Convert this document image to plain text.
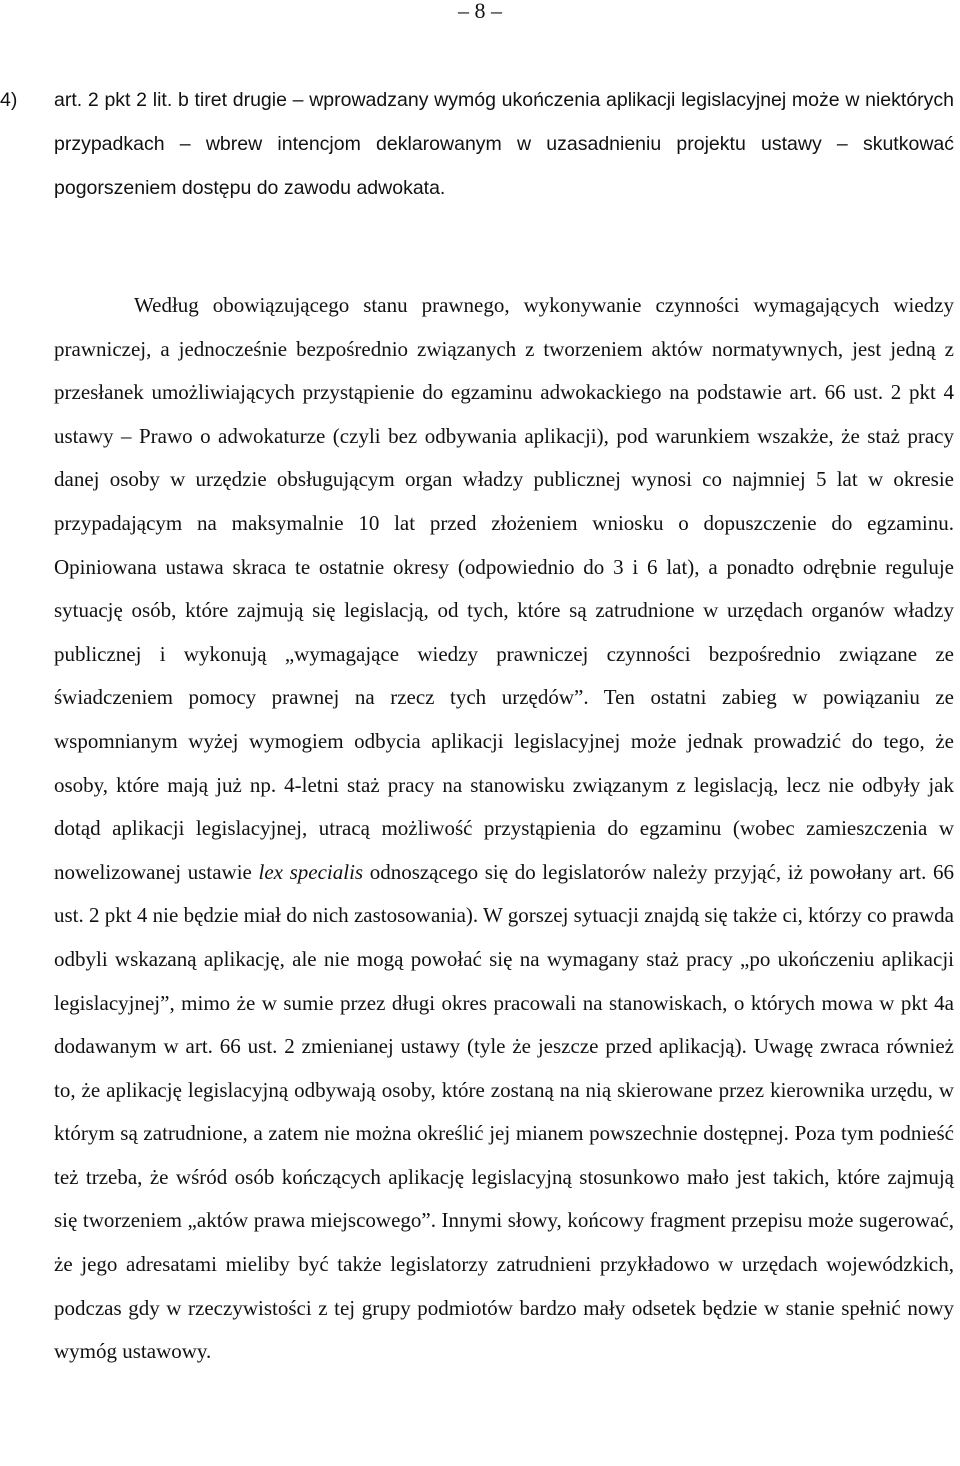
– 8 –
4) art. 2 pkt 2 lit. b tiret drugie – wprowadzany wymóg ukończenia aplikacji legislacyjnej może w niektórych przypadkach – wbrew intencjom deklarowanym w uzasadnieniu projektu ustawy – skutkować pogorszeniem dostępu do zawodu adwokata.

Według obowiązującego stanu prawnego, wykonywanie czynności wymagających wiedzy prawniczej, a jednocześnie bezpośrednio związanych z tworzeniem aktów normatywnych, jest jedną z przesłanek umożliwiających przystąpienie do egzaminu adwokackiego na podstawie art. 66 ust. 2 pkt 4 ustawy – Prawo o adwokaturze (czyli bez odbywania aplikacji), pod warunkiem wszakże, że staż pracy danej osoby w urzędzie obsługującym organ władzy publicznej wynosi co najmniej 5 lat w okresie przypadającym na maksymalnie 10 lat przed złożeniem wniosku o dopuszczenie do egzaminu. Opiniowana ustawa skraca te ostatnie okresy (odpowiednio do 3 i 6 lat), a ponadto odrębnie reguluje sytuację osób, które zajmują się legislacją, od tych, które są zatrudnione w urzędach organów władzy publicznej i wykonują „wymagające wiedzy prawniczej czynności bezpośrednio związane ze świadczeniem pomocy prawnej na rzecz tych urzędów”. Ten ostatni zabieg w powiązaniu ze wspomnianym wyżej wymogiem odbycia aplikacji legislacyjnej może jednak prowadzić do tego, że osoby, które mają już np. 4-letni staż pracy na stanowisku związanym z legislacją, lecz nie odbyły jak dotąd aplikacji legislacyjnej, utracą możliwość przystąpienia do egzaminu (wobec zamieszczenia w nowelizowanej ustawie lex specialis odnoszącego się do legislatorów należy przyjąć, iż powołany art. 66 ust. 2 pkt 4 nie będzie miał do nich zastosowania). W gorszej sytuacji znajdą się także ci, którzy co prawda odbyli wskazaną aplikację, ale nie mogą powołać się na wymagany staż pracy „po ukończeniu aplikacji legislacyjnej”, mimo że w sumie przez długi okres pracowali na stanowiskach, o których mowa w pkt 4a dodawanym w art. 66 ust. 2 zmienianej ustawy (tyle że jeszcze przed aplikacją). Uwagę zwraca również to, że aplikację legislacyjną odbywają osoby, które zostaną na nią skierowane przez kierownika urzędu, w którym są zatrudnione, a zatem nie można określić jej mianem powszechnie dostępnej. Poza tym podnieść też trzeba, że wśród osób kończących aplikację legislacyjną stosunkowo mało jest takich, które zajmują się tworzeniem „aktów prawa miejscowego”. Innymi słowy, końcowy fragment przepisu może sugerować, że jego adresatami mieliby być także legislatorzy zatrudnieni przykładowo w urzędach wojewódzkich, podczas gdy w rzeczywistości z tej grupy podmiotów bardzo mały odsetek będzie w stanie spełnić nowy wymóg ustawowy.
